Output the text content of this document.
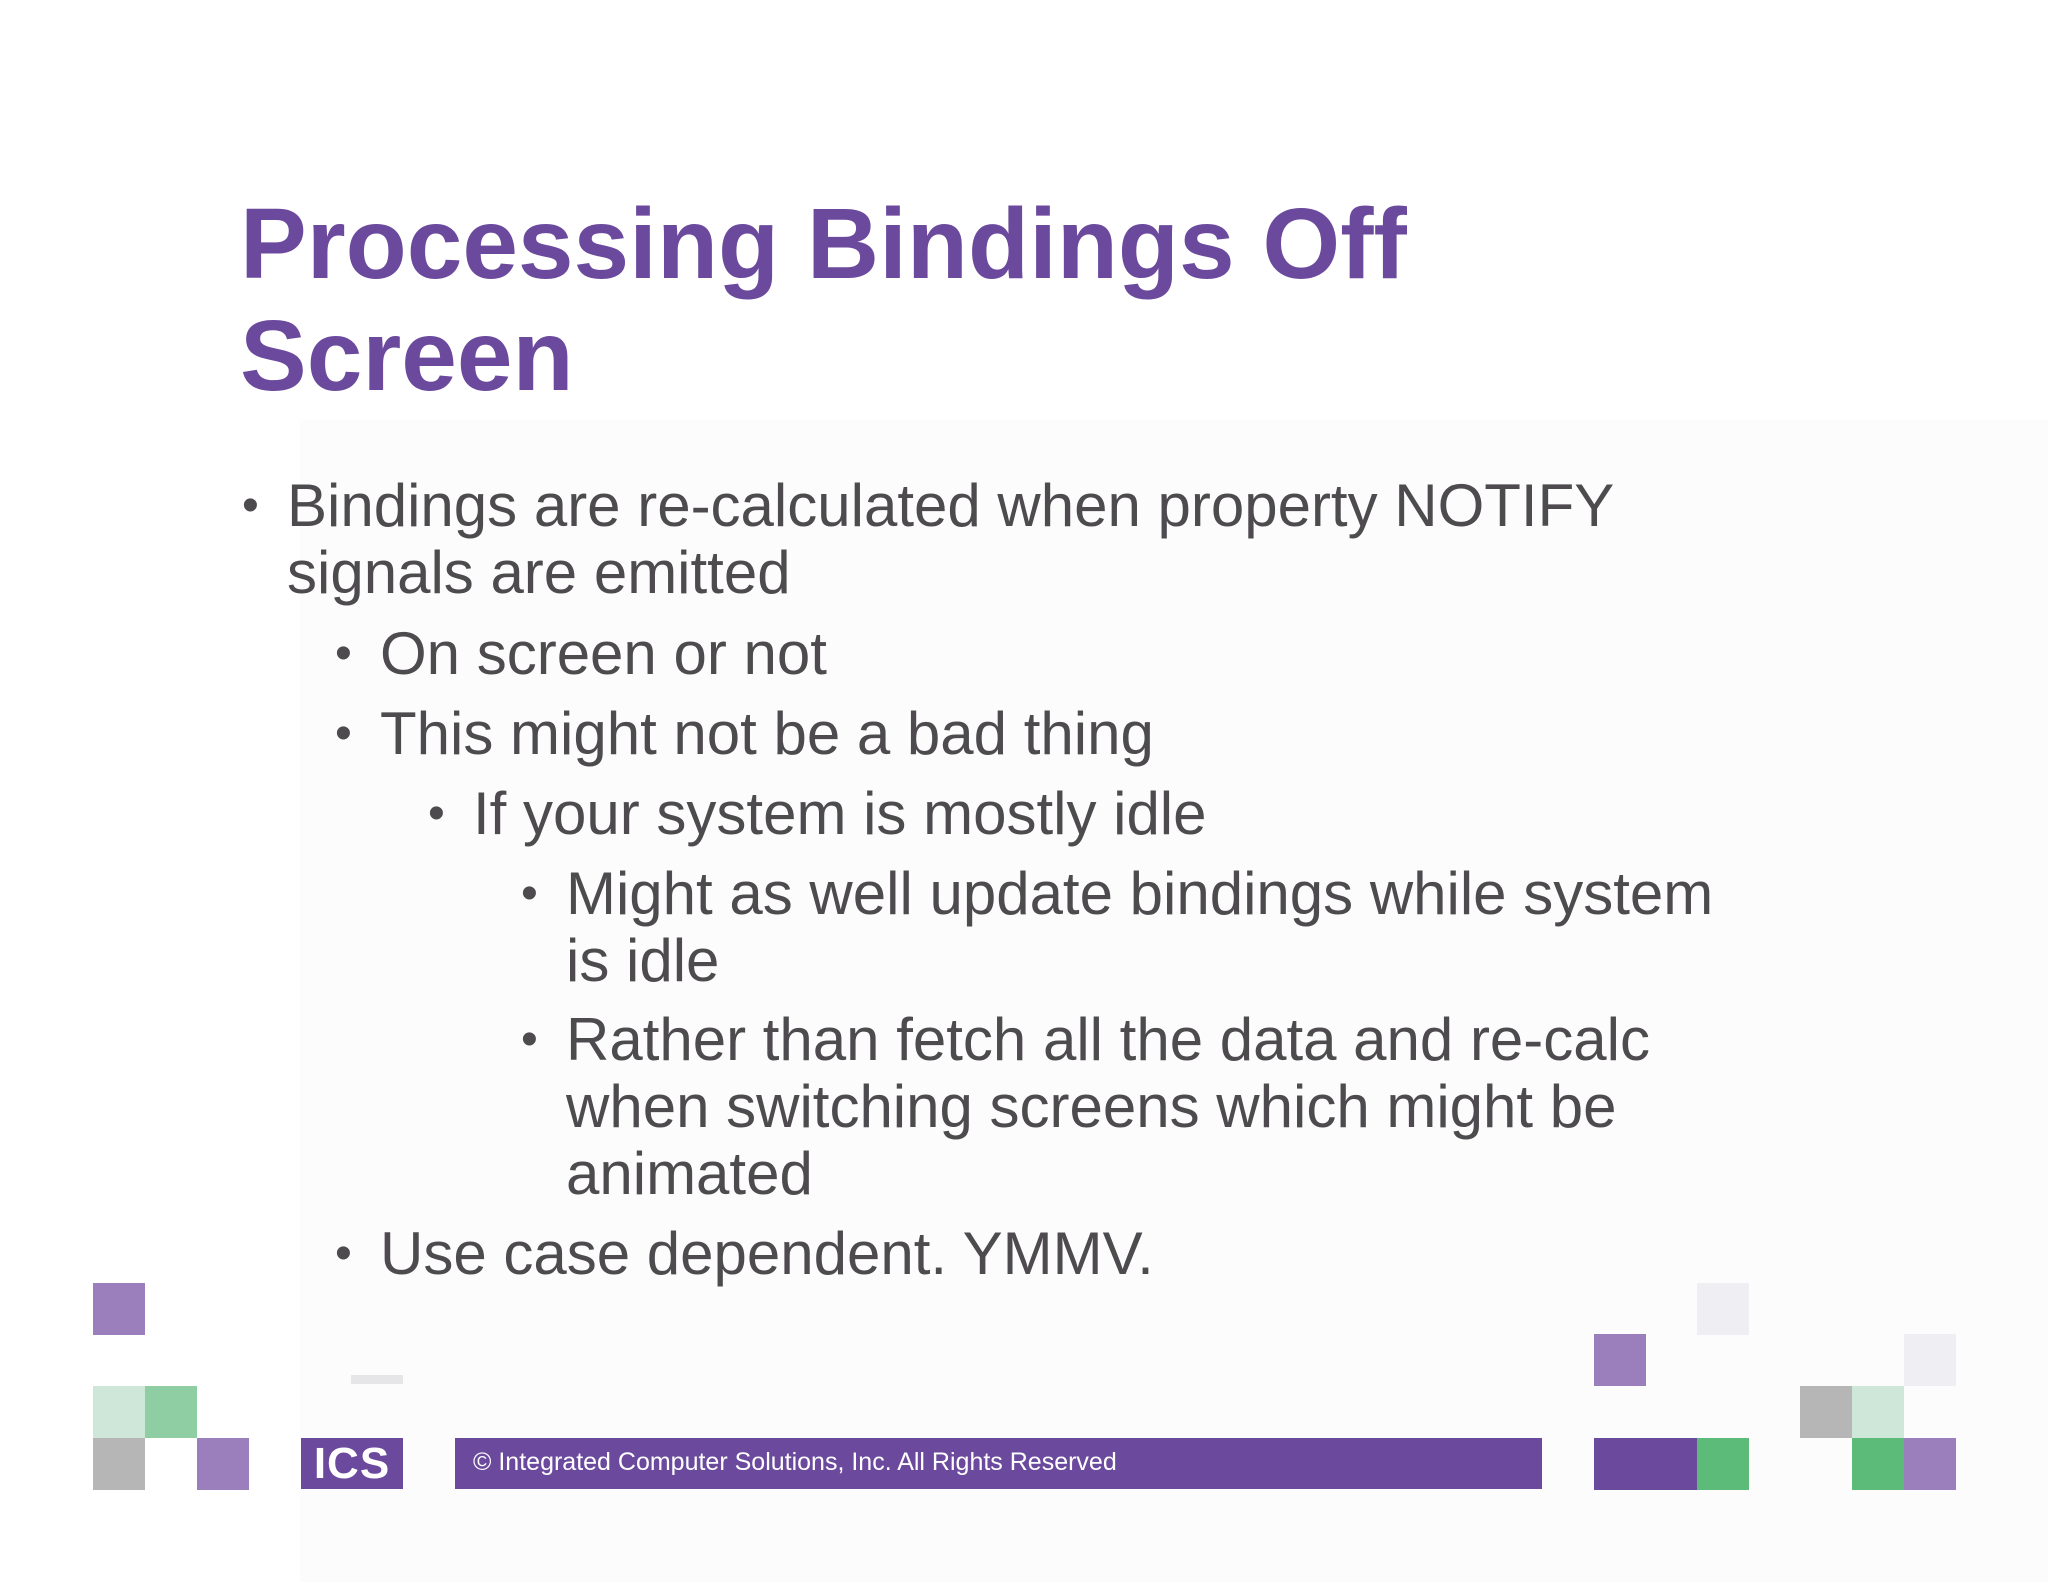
Processing Bindings Off
Screen
• Bindings are re-calculated when property NOTIFY
signals are emitted
• On screen or not
• This might not be a bad thing
• If your system is mostly idle
• Might as well update bindings while system
is idle
• Rather than fetch all the data and re-calc
when switching screens which might be
animated
• Use case dependent. YMMV.
ICS	© Integrated Computer Solutions, Inc. All Rights Reserved
